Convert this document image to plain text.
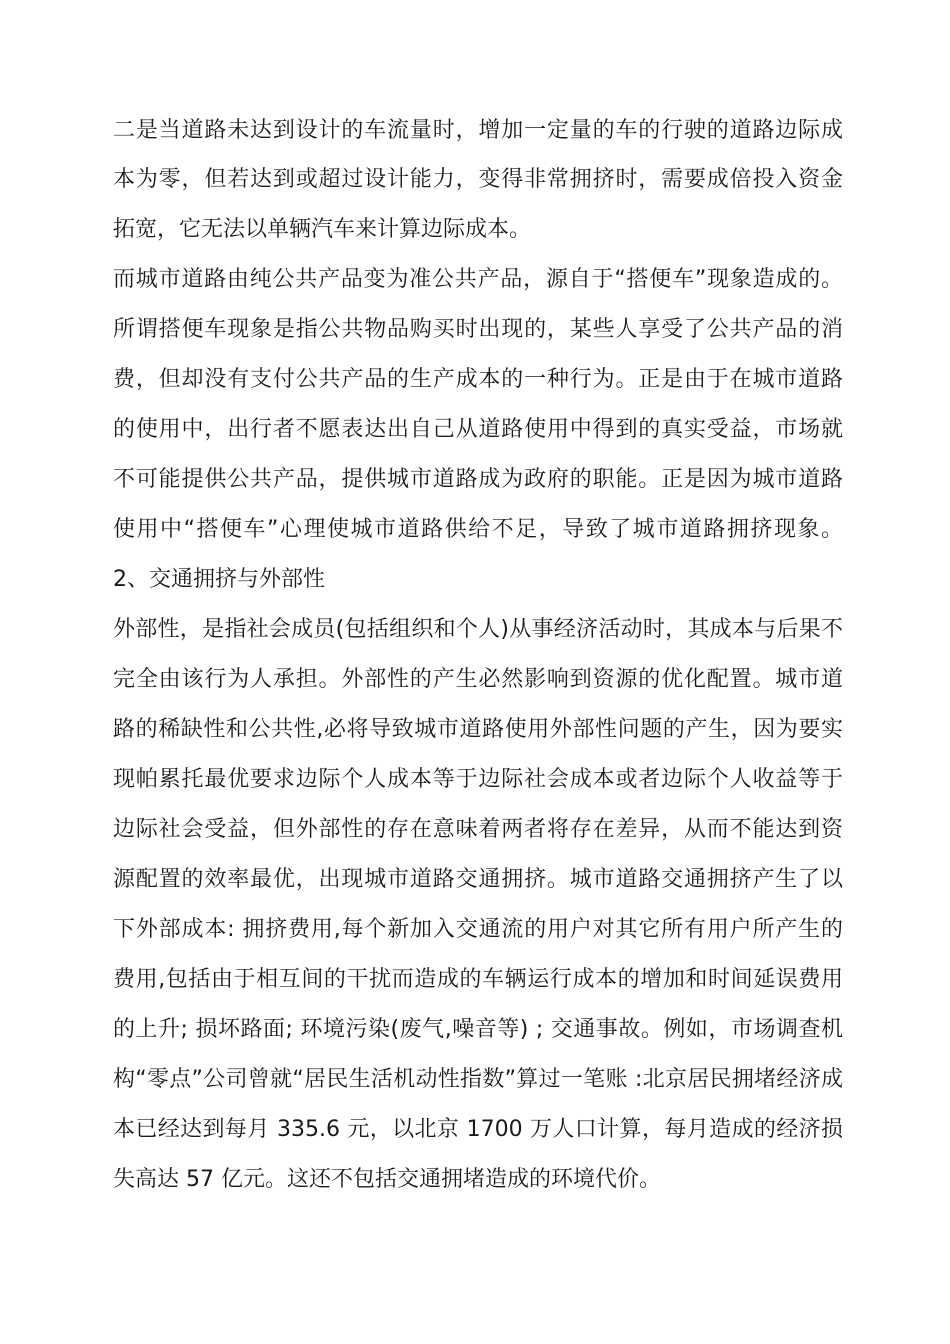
二是当道路未达到设计的车流量时，增加一定量的车的行驶的道路边际成
本为零，但若达到或超过设计能力，变得非常拥挤时，需要成倍投入资金
拓宽，它无法以单辆汽车来计算边际成本。
而城市道路由纯公共产品变为准公共产品，源自于“搭便车”现象造成的。
所谓搭便车现象是指公共物品购买时出现的，某些人享受了公共产品的消
费，但却没有支付公共产品的生产成本的一种行为。正是由于在城市道路
的使用中，出行者不愿表达出自己从道路使用中得到的真实受益，市场就
不可能提供公共产品，提供城市道路成为政府的职能。正是因为城市道路
使用中“搭便车”心理使城市道路供给不足，导致了城市道路拥挤现象。
2、交通拥挤与外部性
外部性，是指社会成员(包括组织和个人)从事经济活动时，其成本与后果不
完全由该行为人承担。外部性的产生必然影响到资源的优化配置。城市道
路的稀缺性和公共性,必将导致城市道路使用外部性问题的产生，因为要实
现帕累托最优要求边际个人成本等于边际社会成本或者边际个人收益等于
边际社会受益，但外部性的存在意味着两者将存在差异，从而不能达到资
源配置的效率最优，出现城市道路交通拥挤。城市道路交通拥挤产生了以
下外部成本: 拥挤费用,每个新加入交通流的用户对其它所有用户所产生的
费用,包括由于相互间的干扰而造成的车辆运行成本的增加和时间延误费用
的上升; 损坏路面; 环境污染(废气,噪音等) ; 交通事故。例如，市场调查机
构“零点”公司曾就“居民生活机动性指数”算过一笔账 :北京居民拥堵经济成
本已经达到每月 335.6 元，以北京 1700 万人口计算，每月造成的经济损
失高达 57 亿元。这还不包括交通拥堵造成的环境代价。
